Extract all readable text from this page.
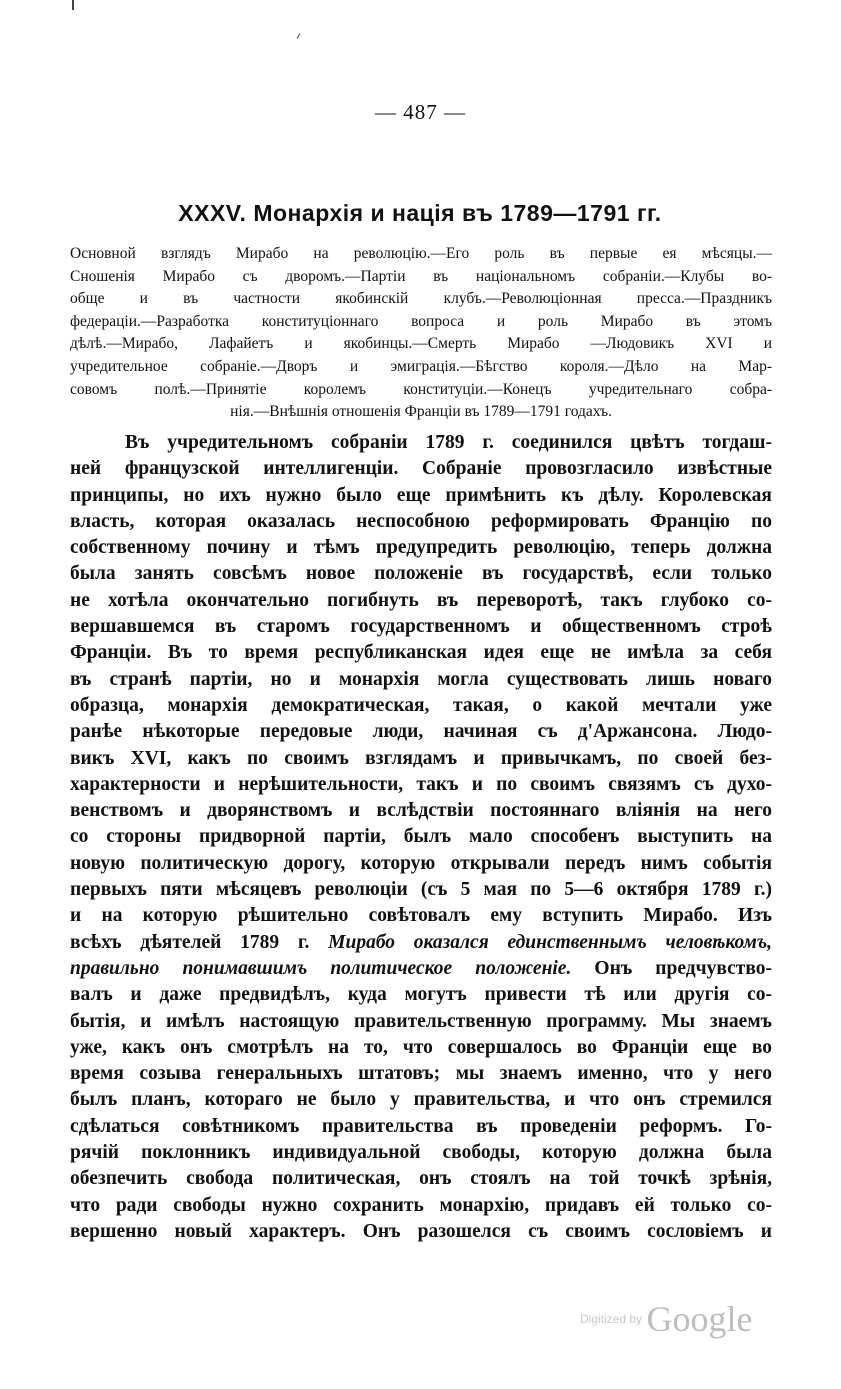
— 487 —
XXXV. Монархія и нація въ 1789—1791 гг.
Основной взглядъ Мирабо на революцію.—Его роль въ первые ея мѣсяцы.—
Сношенія Мирабо съ дворомъ.—Партіи въ національномъ собраніи.—Клубы во-
обще и въ частности якобинскій клубъ.—Революціонная пресса.—Праздникъ
федераціи.—Разработка конституціоннаго вопроса и роль Мирабо въ этомъ
дѣлѣ.—Мирабо, Лафайетъ и якобинцы.—Смерть Мирабо —Людовикъ XVI и
учредительное собраніе.—Дворъ и эмиграція.—Бѣгство короля.—Дѣло на Мар-
совомъ полѣ.—Принятіе королемъ конституціи.—Конецъ учредительнаго собра-
нія.—Внѣшнія отношенія Франціи въ 1789—1791 годахъ.
Въ учредительномъ собраніи 1789 г. соединился цвѣтъ тогдаш-
ней французской интеллигенціи. Собраніе провозгласило извѣстные
принципы, но ихъ нужно было еще примѣнить къ дѣлу. Королевская
власть, которая оказалась неспособною реформировать Францію по
собственному почину и тѣмъ предупредить революцію, теперь должна
была занять совсѣмъ новое положеніе въ государствѣ, если только
не хотѣла окончательно погибнуть въ переворотѣ, такъ глубоко со-
вершавшемся въ старомъ государственномъ и общественномъ строѣ
Франціи. Въ то время республиканская идея еще не имѣла за себя
въ странѣ партіи, но и монархія могла существовать лишь новаго
образца, монархія демократическая, такая, о какой мечтали уже
ранѣе нѣкоторые передовые люди, начиная съ д'Аржансона. Людо-
викъ XVI, какъ по своимъ взглядамъ и привычкамъ, по своей без-
характерности и нерѣшительности, такъ и по своимъ связямъ съ духо-
венствомъ и дворянствомъ и вслѣдствіи постояннаго вліянія на него
со стороны придворной партіи, былъ мало способенъ выступить на
новую политическую дорогу, которую открывали передъ нимъ событія
первыхъ пяти мѣсяцевъ революціи (съ 5 мая по 5—6 октября 1789 г.)
и на которую рѣшительно совѣтовалъ ему вступить Мирабо. Изъ
всѣхъ дѣятелей 1789 г. Мирабо оказался единственнымъ человѣкомъ,
правильно понимавшимъ политическое положеніе. Онъ предчувство-
валъ и даже предвидѣлъ, куда могутъ привести тѣ или другія со-
бытія, и имѣлъ настоящую правительственную программу. Мы знаемъ
уже, какъ онъ смотрѣлъ на то, что совершалось во Франціи еще во
время созыва генеральныхъ штатовъ; мы знаемъ именно, что у него
былъ планъ, котораго не было у правительства, и что онъ стремился
сдѣлаться совѣтникомъ правительства въ проведеніи реформъ. Го-
рячій поклонникъ индивидуальной свободы, которую должна была
обезпечить свобода политическая, онъ стоялъ на той точкѣ зрѣнія,
что ради свободы нужно сохранить монархію, придавъ ей только со-
вершенно новый характеръ. Онъ разошелся съ своимъ сословіемъ и
Digitized by Google
